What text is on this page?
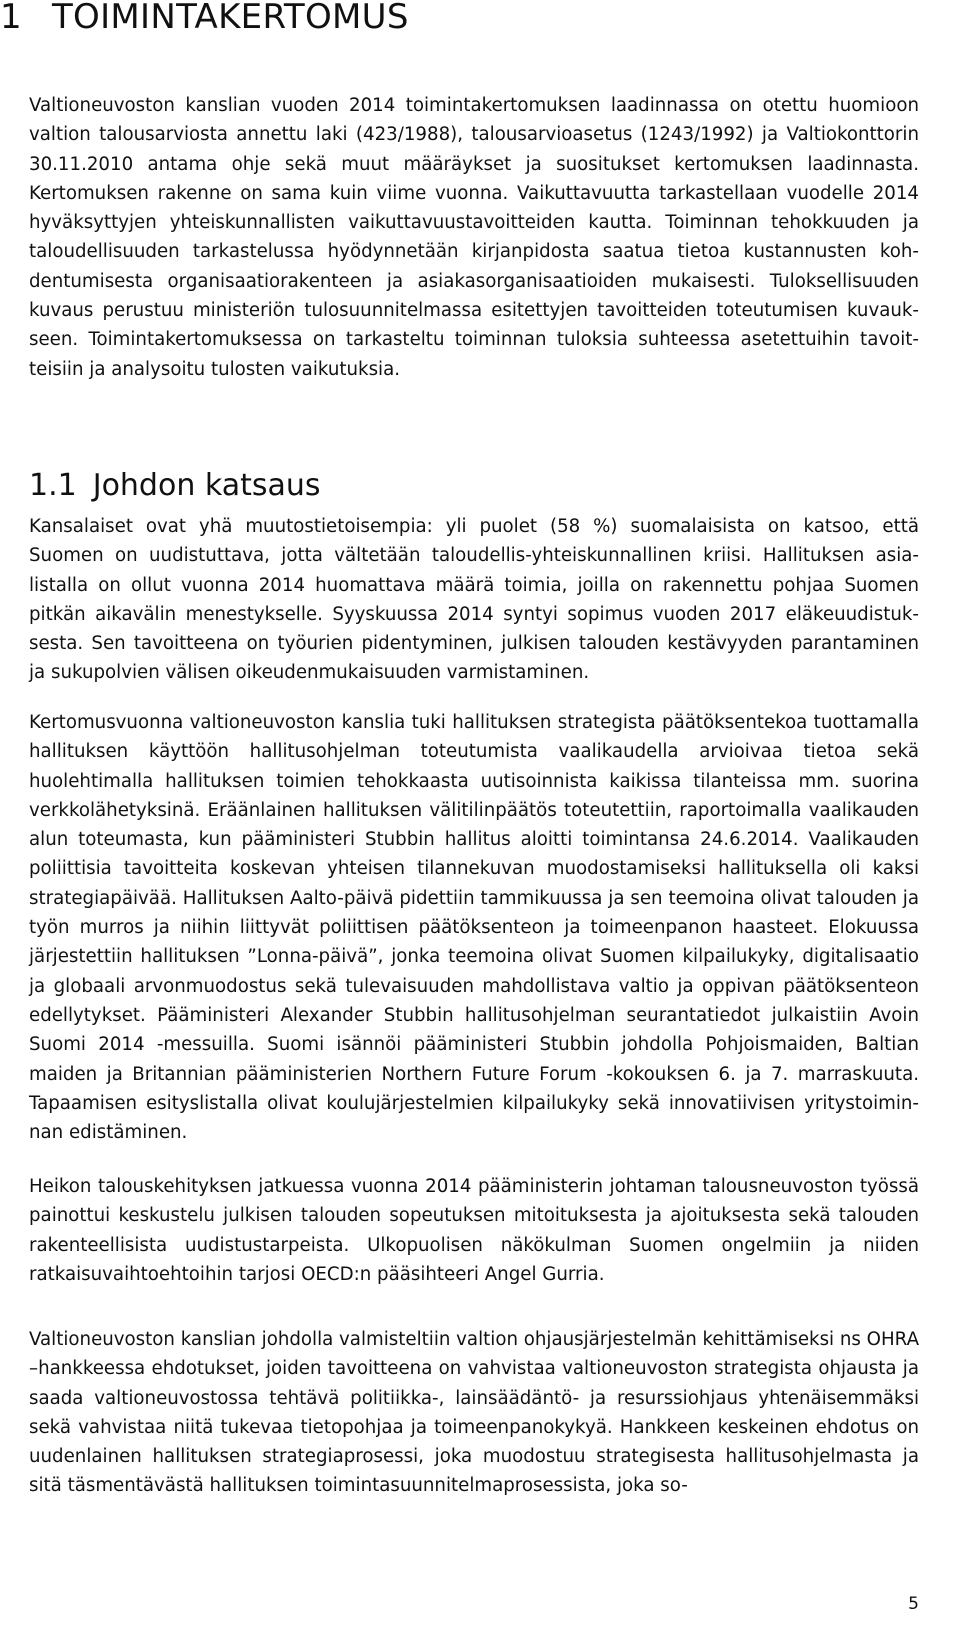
1 TOIMINTAKERTOMUS

Valtioneuvoston kanslian vuoden 2014 toimintakertomuksen laadinnassa on otettu huomioon valtion talousarviosta annettu laki (423/1988), talousarvioasetus (1243/1992) ja Valtiokonttorin 30.11.2010 antama ohje sekä muut määräykset ja suositukset kertomuksen laadinnasta. Kertomuksen rakenne on sama kuin viime vuonna. Vaikuttavuutta tarkastellaan vuodelle 2014 hyväksyttyjen yhteiskunnallisten vaikuttavuustavoitteiden kautta. Toiminnan tehokkuuden ja taloudellisuuden tarkastelussa hyödynnetään kirjanpidosta saatua tietoa kustannusten kohdentumisesta organisaatiorakenteen ja asiakasorganisaatioiden mukaisesti. Tuloksellisuuden kuvaus perustuu ministeriön tulosuunnitelmassa esitettyjen tavoitteiden toteutumisen kuvaukseen. Toimintakertomuksessa on tarkasteltu toiminnan tuloksia suhteessa asetettuihin tavoitteisiin ja analysoitu tulosten vaikutuksia.

1.1 Johdon katsaus

Kansalaiset ovat yhä muutostietoisempia: yli puolet (58 %) suomalaisista on katsoo, että Suomen on uudistuttava, jotta vältetään taloudellis-yhteiskunnallinen kriisi. Hallituksen asialistalla on ollut vuonna 2014 huomattava määrä toimia, joilla on rakennettu pohjaa Suomen pitkän aikavälin menestykselle. Syyskuussa 2014 syntyi sopimus vuoden 2017 eläkeuudistuksesta. Sen tavoitteena on työurien pidentyminen, julkisen talouden kestävyyden parantaminen ja sukupolvien välisen oikeudenmukaisuuden varmistaminen.

Kertomusvuonna valtioneuvoston kanslia tuki hallituksen strategista päätöksentekoa tuottamalla hallituksen käyttöön hallitusohjelman toteutumista vaalikaudella arvioivaa tietoa sekä huolehtimalla hallituksen toimien tehokkaasta uutisoinnista kaikissa tilanteissa mm. suorina verkkolähetyksinä. Eräänlainen hallituksen välitilinpäätös toteutettiin, raportoimalla vaalikauden alun toteumasta, kun pääministeri Stubbin hallitus aloitti toimintansa 24.6.2014. Vaalikauden poliittisia tavoitteita koskevan yhteisen tilannekuvan muodostamiseksi hallituksella oli kaksi strategiapäivää. Hallituksen Aalto-päivä pidettiin tammikuussa ja sen teemoina olivat talouden ja työn murros ja niihin liittyvät poliittisen päätöksenteon ja toimeenpanon haasteet. Elokuussa järjestettiin hallituksen ”Lonna-päivä”, jonka teemoina olivat Suomen kilpailukyky, digitalisaatio ja globaali arvonmuodostus sekä tulevaisuuden mahdollistava valtio ja oppivan päätöksenteon edellytykset. Pääministeri Alexander Stubbin hallitusohjelman seurantatiedot julkaistiin Avoin Suomi 2014 -messuilla. Suomi isännöi pääministeri Stubbin johdolla Pohjoismaiden, Baltian maiden ja Britannian pääministerien Northern Future Forum -kokouksen 6. ja 7. marraskuuta. Tapaamisen esityslistalla olivat koulujärjestelmien kilpailukyky sekä innovatiivisen yritystoiminnan edistäminen.

Heikon talouskehityksen jatkuessa vuonna 2014 pääministerin johtaman talousneuvoston työssä painottui keskustelu julkisen talouden sopeutuksen mitoituksesta ja ajoituksesta sekä talouden rakenteellisista uudistustarpeista. Ulkopuolisen näkökulman Suomen ongelmiin ja niiden ratkaisuvaihtoehtoihin tarjosi OECD:n pääsihteeri Angel Gurria.

Valtioneuvoston kanslian johdolla valmisteltiin valtion ohjausjärjestelmän kehittämiseksi ns OHRA –hankkeessa ehdotukset, joiden tavoitteena on vahvistaa valtioneuvoston strategista ohjausta ja saada valtioneuvostossa tehtävä politiikka-, lainsäädäntö- ja resurssiohjaus yhtenäisemmäksi sekä vahvistaa niitä tukevaa tietopohjaa ja toimeenpanokykyä. Hankkeen keskeinen ehdotus on uudenlainen hallituksen strategiaprosessi, joka muodostuu strategisesta hallitusohjelmasta ja sitä täsmentävästä hallituksen toimintasuunnitelmaprosessista, joka so-

5
